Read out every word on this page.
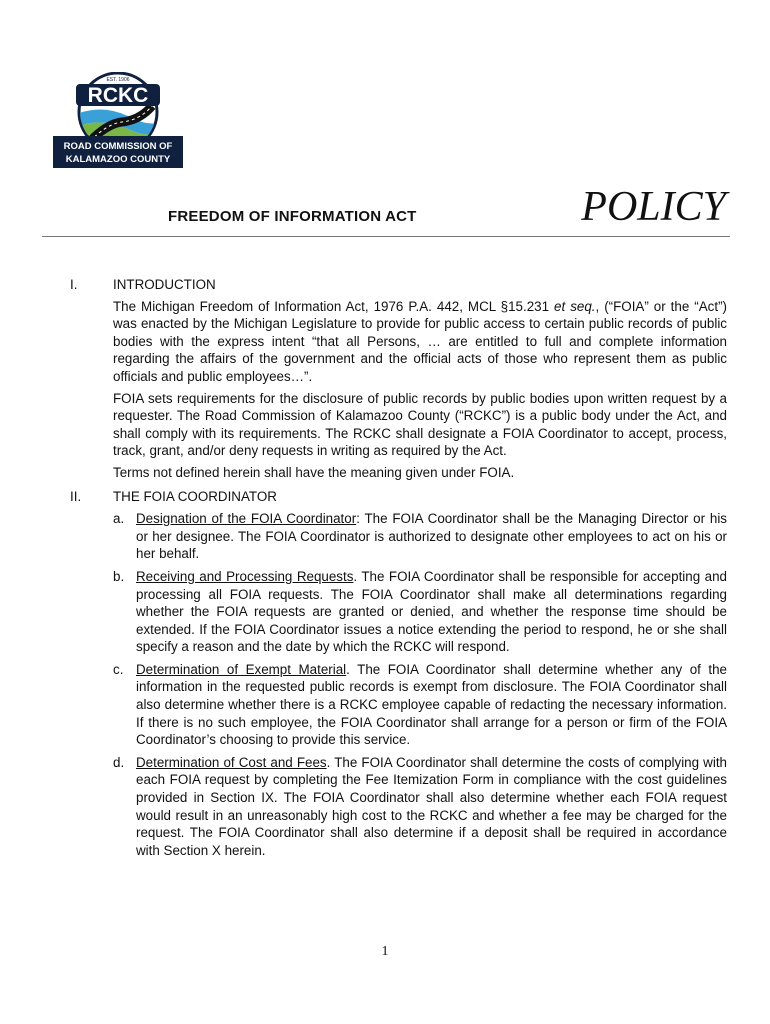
RCKC
EST. 1906
ROAD COMMISSION OF
KALAMAZOO COUNTY
FREEDOM OF INFORMATION ACT	POLICY
I.	INTRODUCTION

The Michigan Freedom of Information Act, 1976 P.A. 442, MCL §15.231 et seq., (“FOIA” or the “Act”) was enacted by the Michigan Legislature to provide for public access to certain public records of public bodies with the express intent “that all Persons, … are entitled to full and complete information regarding the affairs of the government and the official acts of those who represent them as public officials and public employees…”.

FOIA sets requirements for the disclosure of public records by public bodies upon written request by a requester. The Road Commission of Kalamazoo County (“RCKC”) is a public body under the Act, and shall comply with its requirements. The RCKC shall designate a FOIA Coordinator to accept, process, track, grant, and/or deny requests in writing as required by the Act.

Terms not defined herein shall have the meaning given under FOIA.

II.	THE FOIA COORDINATOR
a. Designation of the FOIA Coordinator: The FOIA Coordinator shall be the Managing Director or his or her designee. The FOIA Coordinator is authorized to designate other employees to act on his or her behalf.
b. Receiving and Processing Requests. The FOIA Coordinator shall be responsible for accepting and processing all FOIA requests. The FOIA Coordinator shall make all determinations regarding whether the FOIA requests are granted or denied, and whether the response time should be extended. If the FOIA Coordinator issues a notice extending the period to respond, he or she shall specify a reason and the date by which the RCKC will respond.
c. Determination of Exempt Material. The FOIA Coordinator shall determine whether any of the information in the requested public records is exempt from disclosure. The FOIA Coordinator shall also determine whether there is a RCKC employee capable of redacting the necessary information. If there is no such employee, the FOIA Coordinator shall arrange for a person or firm of the FOIA Coordinator’s choosing to provide this service.
d. Determination of Cost and Fees. The FOIA Coordinator shall determine the costs of complying with each FOIA request by completing the Fee Itemization Form in compliance with the cost guidelines provided in Section IX. The FOIA Coordinator shall also determine whether each FOIA request would result in an unreasonably high cost to the RCKC and whether a fee may be charged for the request. The FOIA Coordinator shall also determine if a deposit shall be required in accordance with Section X herein.
1
